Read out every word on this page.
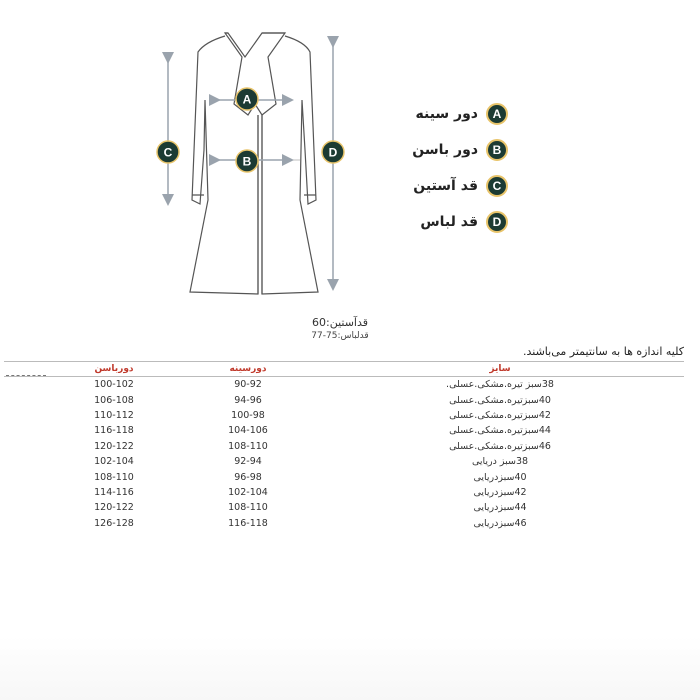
A
B
C	D
دور سینه	A
دور باسن	B
قد آستین	C
قد لباس	D
قدآستین:60
قدلباس:75-77
کلیه اندازه ها به سانتیمتر می‌باشند.
دورباسن	دورسینه	سایز
100-102	90-92	38سبز تیره.مشکی.عسلی.
106-108	94-96	40سبزتیره.مشکی.عسلی
110-112	100-98	42سبزتیره.مشکی.عسلی
116-118	104-106	44سبزتیره.مشکی.عسلی
120-122	108-110	46سبزتیره.مشکی.عسلی
102-104	92-94	38سبز دریایی
108-110	96-98	40سبزدریایی
114-116	102-104	42سبزدریایی
120-122	108-110	44سبزدریایی
126-128	116-118	46سبزدریایی
